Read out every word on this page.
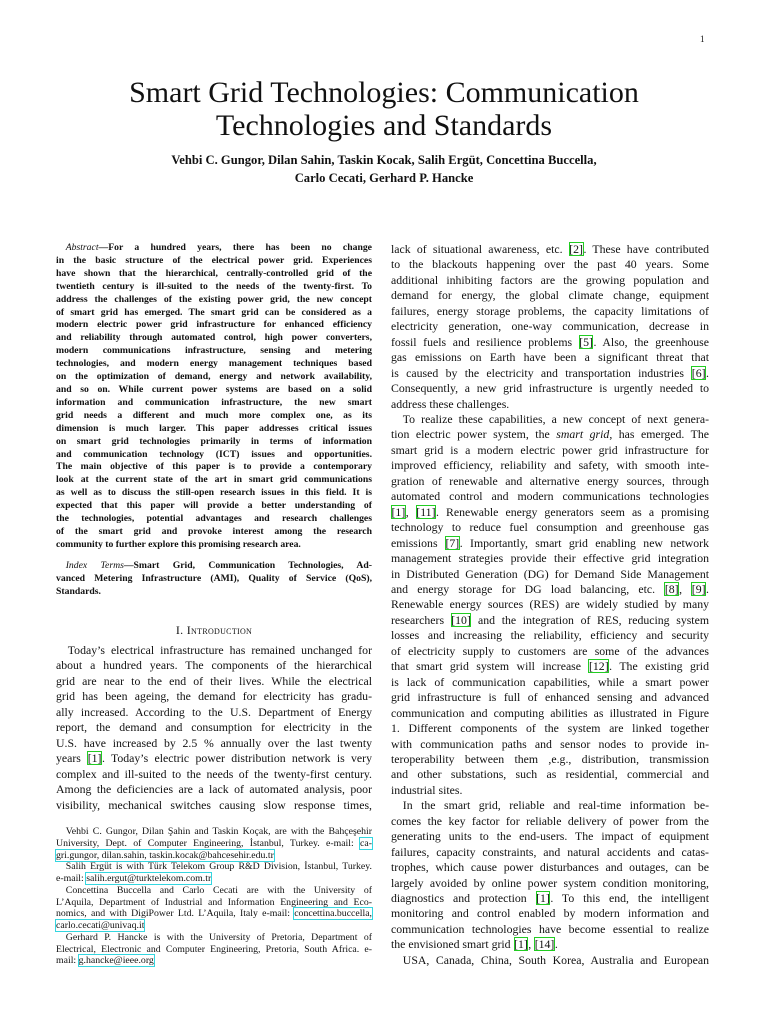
1
Smart Grid Technologies: Communication
Technologies and Standards
Vehbi C. Gungor, Dilan Sahin, Taskin Kocak, Salih Ergüt, Concettina Buccella,
Carlo Cecati, Gerhard P. Hancke
Abstract—For a hundred years, there has been no change
in the basic structure of the electrical power grid. Experiences
have shown that the hierarchical, centrally-controlled grid of the
twentieth century is ill-suited to the needs of the twenty-first. To
address the challenges of the existing power grid, the new concept
of smart grid has emerged. The smart grid can be considered as a
modern electric power grid infrastructure for enhanced efficiency
and reliability through automated control, high power converters,
modern communications infrastructure, sensing and metering
technologies, and modern energy management techniques based
on the optimization of demand, energy and network availability,
and so on. While current power systems are based on a solid
information and communication infrastructure, the new smart
grid needs a different and much more complex one, as its
dimension is much larger. This paper addresses critical issues
on smart grid technologies primarily in terms of information
and communication technology (ICT) issues and opportunities.
The main objective of this paper is to provide a contemporary
look at the current state of the art in smart grid communications
as well as to discuss the still-open research issues in this field. It is
expected that this paper will provide a better understanding of
the technologies, potential advantages and research challenges
of the smart grid and provoke interest among the research
community to further explore this promising research area.
Index Terms—Smart Grid, Communication Technologies, Ad-
vanced Metering Infrastructure (AMI), Quality of Service (QoS),
Standards.
I. Introduction
Today’s electrical infrastructure has remained unchanged for
about a hundred years. The components of the hierarchical
grid are near to the end of their lives. While the electrical
grid has been ageing, the demand for electricity has gradu-
ally increased. According to the U.S. Department of Energy
report, the demand and consumption for electricity in the
U.S. have increased by 2.5 % annually over the last twenty
years [1]. Today’s electric power distribution network is very
complex and ill-suited to the needs of the twenty-first century.
Among the deficiencies are a lack of automated analysis, poor
visibility, mechanical switches causing slow response times,
Vehbi C. Gungor, Dilan Şahin and Taskin Koçak, are with the Bahçeşehir
University, Dept. of Computer Engineering, İstanbul, Turkey. e-mail: ca-
gri.gungor, dilan.sahin, taskin.kocak@bahcesehir.edu.tr
Salih Ergüt is with Türk Telekom Group R&D Division, İstanbul, Turkey.
e-mail: salih.ergut@turktelekom.com.tr
Concettina Buccella and Carlo Cecati are with the University of
L’Aquila, Department of Industrial and Information Engineering and Eco-
nomics, and with DigiPower Ltd. L’Aquila, Italy e-mail: concettina.buccella,
carlo.cecati@univaq.it
Gerhard P. Hancke is with the University of Pretoria, Department of
Electrical, Electronic and Computer Engineering, Pretoria, South Africa. e-
mail: g.hancke@ieee.org
lack of situational awareness, etc. [2]. These have contributed
to the blackouts happening over the past 40 years. Some
additional inhibiting factors are the growing population and
demand for energy, the global climate change, equipment
failures, energy storage problems, the capacity limitations of
electricity generation, one-way communication, decrease in
fossil fuels and resilience problems [5]. Also, the greenhouse
gas emissions on Earth have been a significant threat that
is caused by the electricity and transportation industries [6].
Consequently, a new grid infrastructure is urgently needed to
address these challenges.
To realize these capabilities, a new concept of next genera-
tion electric power system, the smart grid, has emerged. The
smart grid is a modern electric power grid infrastructure for
improved efficiency, reliability and safety, with smooth inte-
gration of renewable and alternative energy sources, through
automated control and modern communications technologies
[1], [11]. Renewable energy generators seem as a promising
technology to reduce fuel consumption and greenhouse gas
emissions [7]. Importantly, smart grid enabling new network
management strategies provide their effective grid integration
in Distributed Generation (DG) for Demand Side Management
and energy storage for DG load balancing, etc. [8], [9].
Renewable energy sources (RES) are widely studied by many
researchers [10] and the integration of RES, reducing system
losses and increasing the reliability, efficiency and security
of electricity supply to customers are some of the advances
that smart grid system will increase [12]. The existing grid
is lack of communication capabilities, while a smart power
grid infrastructure is full of enhanced sensing and advanced
communication and computing abilities as illustrated in Figure
1. Different components of the system are linked together
with communication paths and sensor nodes to provide in-
teroperability between them ,e.g., distribution, transmission
and other substations, such as residential, commercial and
industrial sites.
In the smart grid, reliable and real-time information be-
comes the key factor for reliable delivery of power from the
generating units to the end-users. The impact of equipment
failures, capacity constraints, and natural accidents and catas-
trophes, which cause power disturbances and outages, can be
largely avoided by online power system condition monitoring,
diagnostics and protection [1]. To this end, the intelligent
monitoring and control enabled by modern information and
communication technologies have become essential to realize
the envisioned smart grid [1], [14].
USA, Canada, China, South Korea, Australia and European
